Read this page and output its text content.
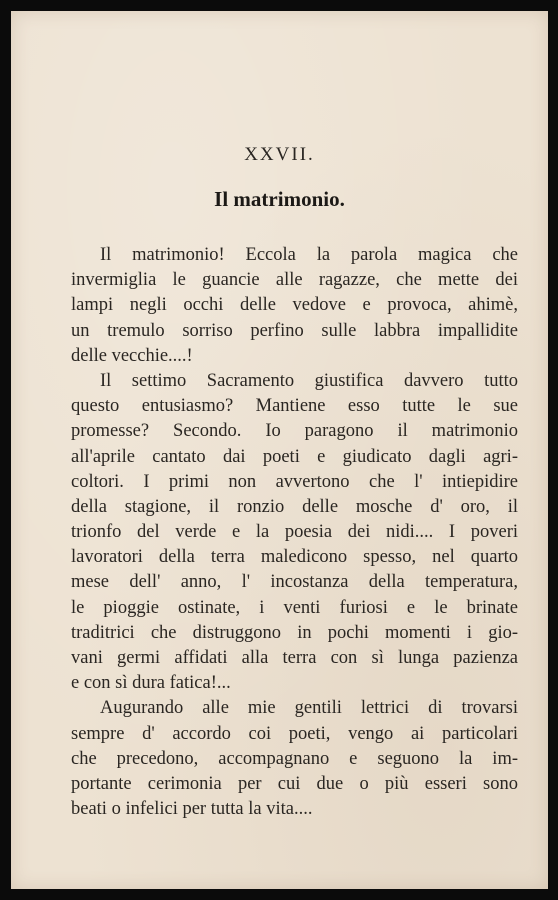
XXVII.
Il matrimonio.
Il matrimonio! Eccola la parola magica che
invermiglia le guancie alle ragazze, che mette dei
lampi negli occhi delle vedove e provoca, ahimè,
un tremulo sorriso perfino sulle labbra impallidite
delle vecchie....!
Il settimo Sacramento giustifica davvero tutto
questo entusiasmo? Mantiene esso tutte le sue
promesse? Secondo. Io paragono il matrimonio
all'aprile cantato dai poeti e giudicato dagli agri-
coltori. I primi non avvertono che l' intiepidire
della stagione, il ronzio delle mosche d' oro, il
trionfo del verde e la poesia dei nidi.... I poveri
lavoratori della terra maledicono spesso, nel quarto
mese dell' anno, l' incostanza della temperatura,
le pioggie ostinate, i venti furiosi e le brinate
traditrici che distruggono in pochi momenti i gio-
vani germi affidati alla terra con sì lunga pazienza
e con sì dura fatica!...
Augurando alle mie gentili lettrici di trovarsi
sempre d' accordo coi poeti, vengo ai particolari
che precedono, accompagnano e seguono la im-
portante cerimonia per cui due o più esseri sono
beati o infelici per tutta la vita....
